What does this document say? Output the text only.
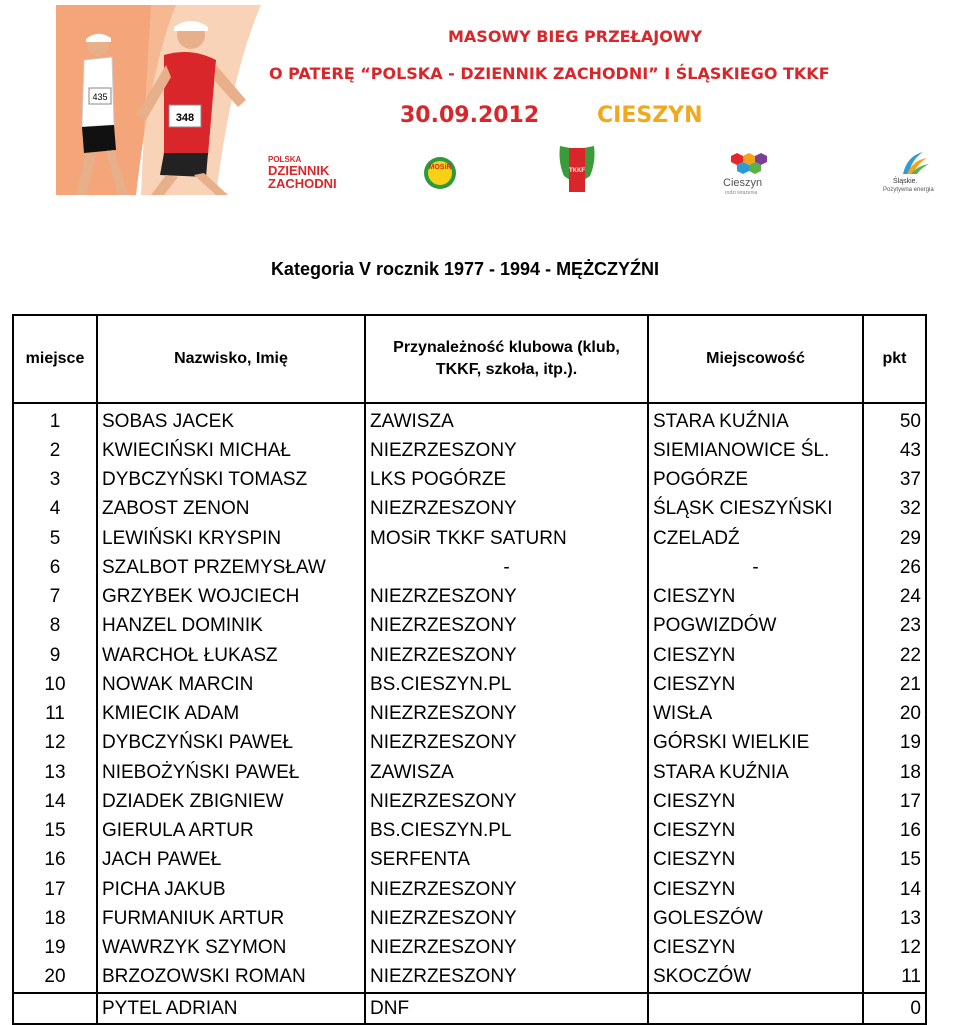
435
348
MASOWY BIEG PRZEŁAJOWY
O PATERĘ “POLSKA - DZIENNIK ZACHODNI” I ŚLĄSKIEGO TKKF
30.09.2012	CIESZYN
POLSKA
DZIENNIK
ZACHODNI
MOSiR	TKKF
Cieszyn
rodzi wrażenia
Śląskie.
Pozytywna energia
Kategoria V rocznik 1977 - 1994 - MĘŻCZYŹNI
miejsce	Nazwisko, Imię	Przynależność klubowa (klub, TKKF, szkoła, itp.).	Miejscowość	pkt
1	SOBAS JACEK	ZAWISZA	STARA KUŹNIA	50
2	KWIECIŃSKI MICHAŁ	NIEZRZESZONY	SIEMIANOWICE ŚL.	43
3	DYBCZYŃSKI TOMASZ	LKS POGÓRZE	POGÓRZE	37
4	ZABOST ZENON	NIEZRZESZONY	ŚLĄSK CIESZYŃSKI	32
5	LEWIŃSKI KRYSPIN	MOSiR TKKF SATURN	CZELADŹ	29
6	SZALBOT PRZEMYSŁAW	-	-	26
7	GRZYBEK WOJCIECH	NIEZRZESZONY	CIESZYN	24
8	HANZEL DOMINIK	NIEZRZESZONY	POGWIZDÓW	23
9	WARCHOŁ ŁUKASZ	NIEZRZESZONY	CIESZYN	22
10	NOWAK MARCIN	BS.CIESZYN.PL	CIESZYN	21
11	KMIECIK ADAM	NIEZRZESZONY	WISŁA	20
12	DYBCZYŃSKI PAWEŁ	NIEZRZESZONY	GÓRSKI WIELKIE	19
13	NIEBOŻYŃSKI PAWEŁ	ZAWISZA	STARA KUŹNIA	18
14	DZIADEK ZBIGNIEW	NIEZRZESZONY	CIESZYN	17
15	GIERULA ARTUR	BS.CIESZYN.PL	CIESZYN	16
16	JACH PAWEŁ	SERFENTA	CIESZYN	15
17	PICHA JAKUB	NIEZRZESZONY	CIESZYN	14
18	FURMANIUK ARTUR	NIEZRZESZONY	GOLESZÓW	13
19	WAWRZYK SZYMON	NIEZRZESZONY	CIESZYN	12
20	BRZOZOWSKI ROMAN	NIEZRZESZONY	SKOCZÓW	11
	PYTEL ADRIAN	DNF		0
